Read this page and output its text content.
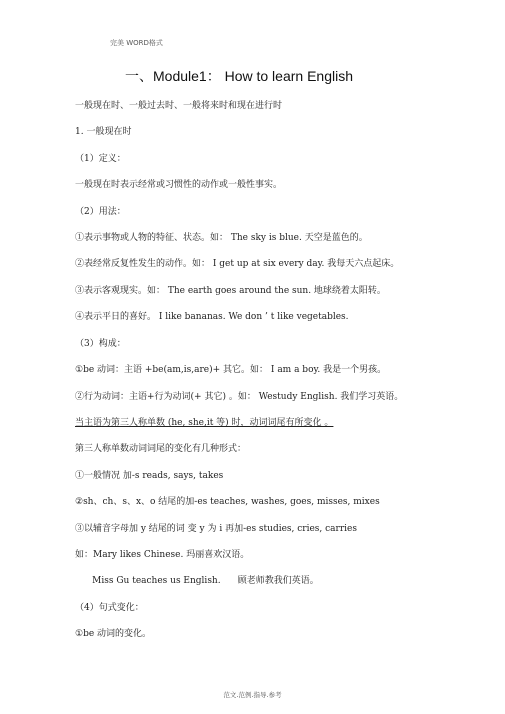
完美 WORD格式
一、Module1： How to learn English
一般现在时、一般过去时、一般将来时和现在进行时
1. 一般现在时
（1）定义：
一般现在时表示经常或习惯性的动作或一般性事实。
（2）用法：
①表示事物或人物的特征、状态。如： The sky is blue. 天空是蓝色的。
②表经常反复性发生的动作。如： I get up at six every day. 我每天六点起床。
③表示客观现实。如： The earth goes around the sun. 地球绕着太阳转。
④表示平日的喜好。 I like bananas. We don ’ t like vegetables.
（3）构成：
①be 动词：主语 +be(am,is,are)+ 其它。如： I am a boy. 我是一个男孩。
②行为动词：主语+行为动词(+ 其它) 。如： Westudy English. 我们学习英语。
当主语为第三人称单数 (he, she,it 等) 时，动词词尾有所变化 。
第三人称单数动词词尾的变化有几种形式：
①一般情况 加-s reads, says, takes
②sh、ch、s、x、o 结尾的加-es teaches, washes, goes, misses, mixes
③以辅音字母加 y 结尾的词 变 y 为 i 再加-es studies, cries, carries
如：Mary likes Chinese. 玛丽喜欢汉语。
Miss Gu teaches us English.      顾老师教我们英语。
（4）句式变化：
①be 动词的变化。
范文.范例.指导.参考
